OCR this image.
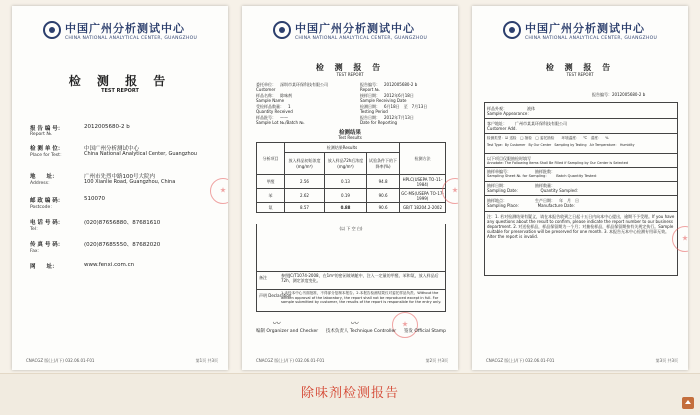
中国广州分析测试中心
CHINA NATIONAL ANALYTICAL CENTER, GUANGZHOU
检 测 报 告
TEST REPORT
报 告 编 号：
Report №.
2012005680-2 b
检 测 单 位：
Place for Test：
中国广州分析测试中心
China National Analytical Center, Guangzhou
地　　址：
Address：
广州市先烈中路100号大院内
100 Xianlie Road, Guangzhou, China
邮 政 编 码：
Postcode：
510070
电 话 号 码：
Tel：
(020)87656880、87681610
传 真 号 码：
Fax：
(020)87685550、87682020
网　　址：	www.fenxi.com.cn
CNACGZ 版(上)/(下) 032.06.01-F01	第1页 共3页
中国广州分析测试中心
CHINA NATIONAL ANALYTICAL CENTER, GUANGZHOU
检 测 报 告
TEST REPORT
委托单位：　深圳市某环保科技有限公司
Customer
样品名称：　除味剂
Sample Name
受检样品数量：　1
Quantity Received
样品批号：　——
Sample Lot №./Batch №.
报告编号：　2012005680-2 b
Report №.
接样日期：　2012年6月18日
Sample Receiving Date
检测日期：　6月18日　至　7月13日
Testing Period
报告日期：　2012年7月13日
Date for Reporting
检测结果
Test Results
分析项目	检测结果Results			检测方法
	放入样品初始浓度 (mg/m³)	放入样品72h后浓度 (mg/m³)	试验条件下的下降率(%)	
甲醛	2.56	0.13	94.8	HPLC(USEPA TO-11-1984)
苯	2.62	0.19	90.6	GC-MS(USEPA TO-17-1999)
氨	8.57	0.88	90.6	GB/T 18204.2-2002
(以 下 空 白)
备注	参照JC/T1074-2008，在1m³的密闭玻璃舱中，注入一定量的甲醛、苯和氨，放入样品后72h，测定浓度变化。
声明 Declaration
1.未经本中心书面批准，不得部分复制本报告。2.本报告检测结果仅对委托样品负责。Without the written approval of the laboratory, the report shall not be reproduced except in full. For sample submitted by customer, the results of the report is responsible for the entry only.
〰	〰
编制 Organizer and Checker 技术负责人 Technique Controller 签发 Official Stamp
CNACGZ 版(上)/(下) 032.06.01-F01	第2页 共3页
中国广州分析测试中心
CHINA NATIONAL ANALYTICAL CENTER, GUANGZHOU
检 测 报 告
TEST REPORT
报告编号：2012005680-2 b
样品外观：　　　　　液体
Sample Appearance：
客户地址：　　广州市某某环保科技有限公司
Customer Add.
检测类型：☑ 送检　□ 抽检　□ 委托抽检　　环境温度：　℃　湿度：　%
Test Type：By Customer　By Our Center　Sampling by Testing　Air Temperature：　Humidity
以下项目仅限抽检时填写
Annotate: The Following Items Shall Be Filled if Sampling by Our Center is Selected
抽样单编号：　　　　　　抽样批数：
Sampling Sheet №. for Sampling：　　Batch Quantity Tested：
抽样日期：　　　　　　　抽样数量：
Sampling Date：　　　　　Quantity Sampled：
抽样地点：　　　　　　　生产日期：　年　月　日
Sampling Place：　　　　Manufacture Date：
注：1. 若对检测结果有疑义，请在本报告收到之日起十五日内向本中心提出，逾期不予受理。If you have any questions about the result to confirm, please indicate the report number to our business department. 2. 对送检样品，样品保留期为一个月；对抽检样品，样品保留期按有关规定执行。Sample suitable for preservation will be preserved for one month. 3. 本报告无本中心检测专用章无效。Alter the report is invalid.
CNACGZ 版(上)/(下) 032.06.01-F01	第3页 共3页
除味剂检测报告
